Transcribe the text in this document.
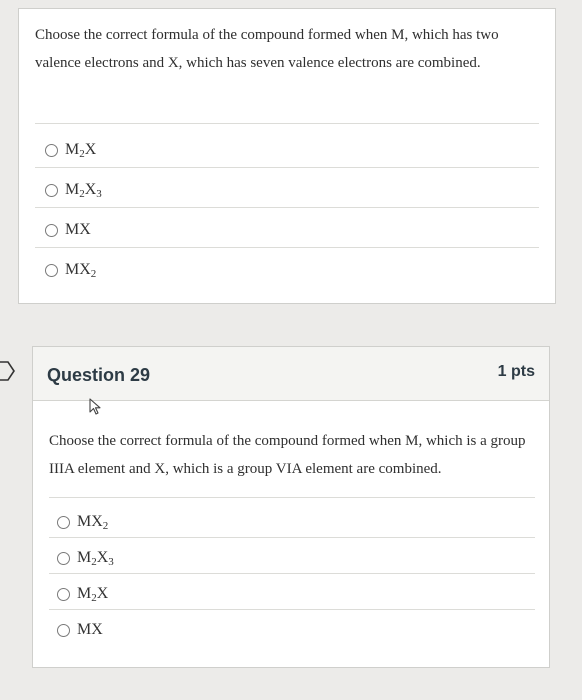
Choose the correct formula of the compound formed when M, which has two valence electrons and X, which has seven valence electrons are combined.
$M_2X$
$M_2X_3$
MX
$MX_2$
Question 29	1 pts
Choose the correct formula of the compound formed when M, which is a group IIIA element and X, which is a group VIA element are combined.
$MX_2$
$M_2X_3$
$M_2X$
MX
